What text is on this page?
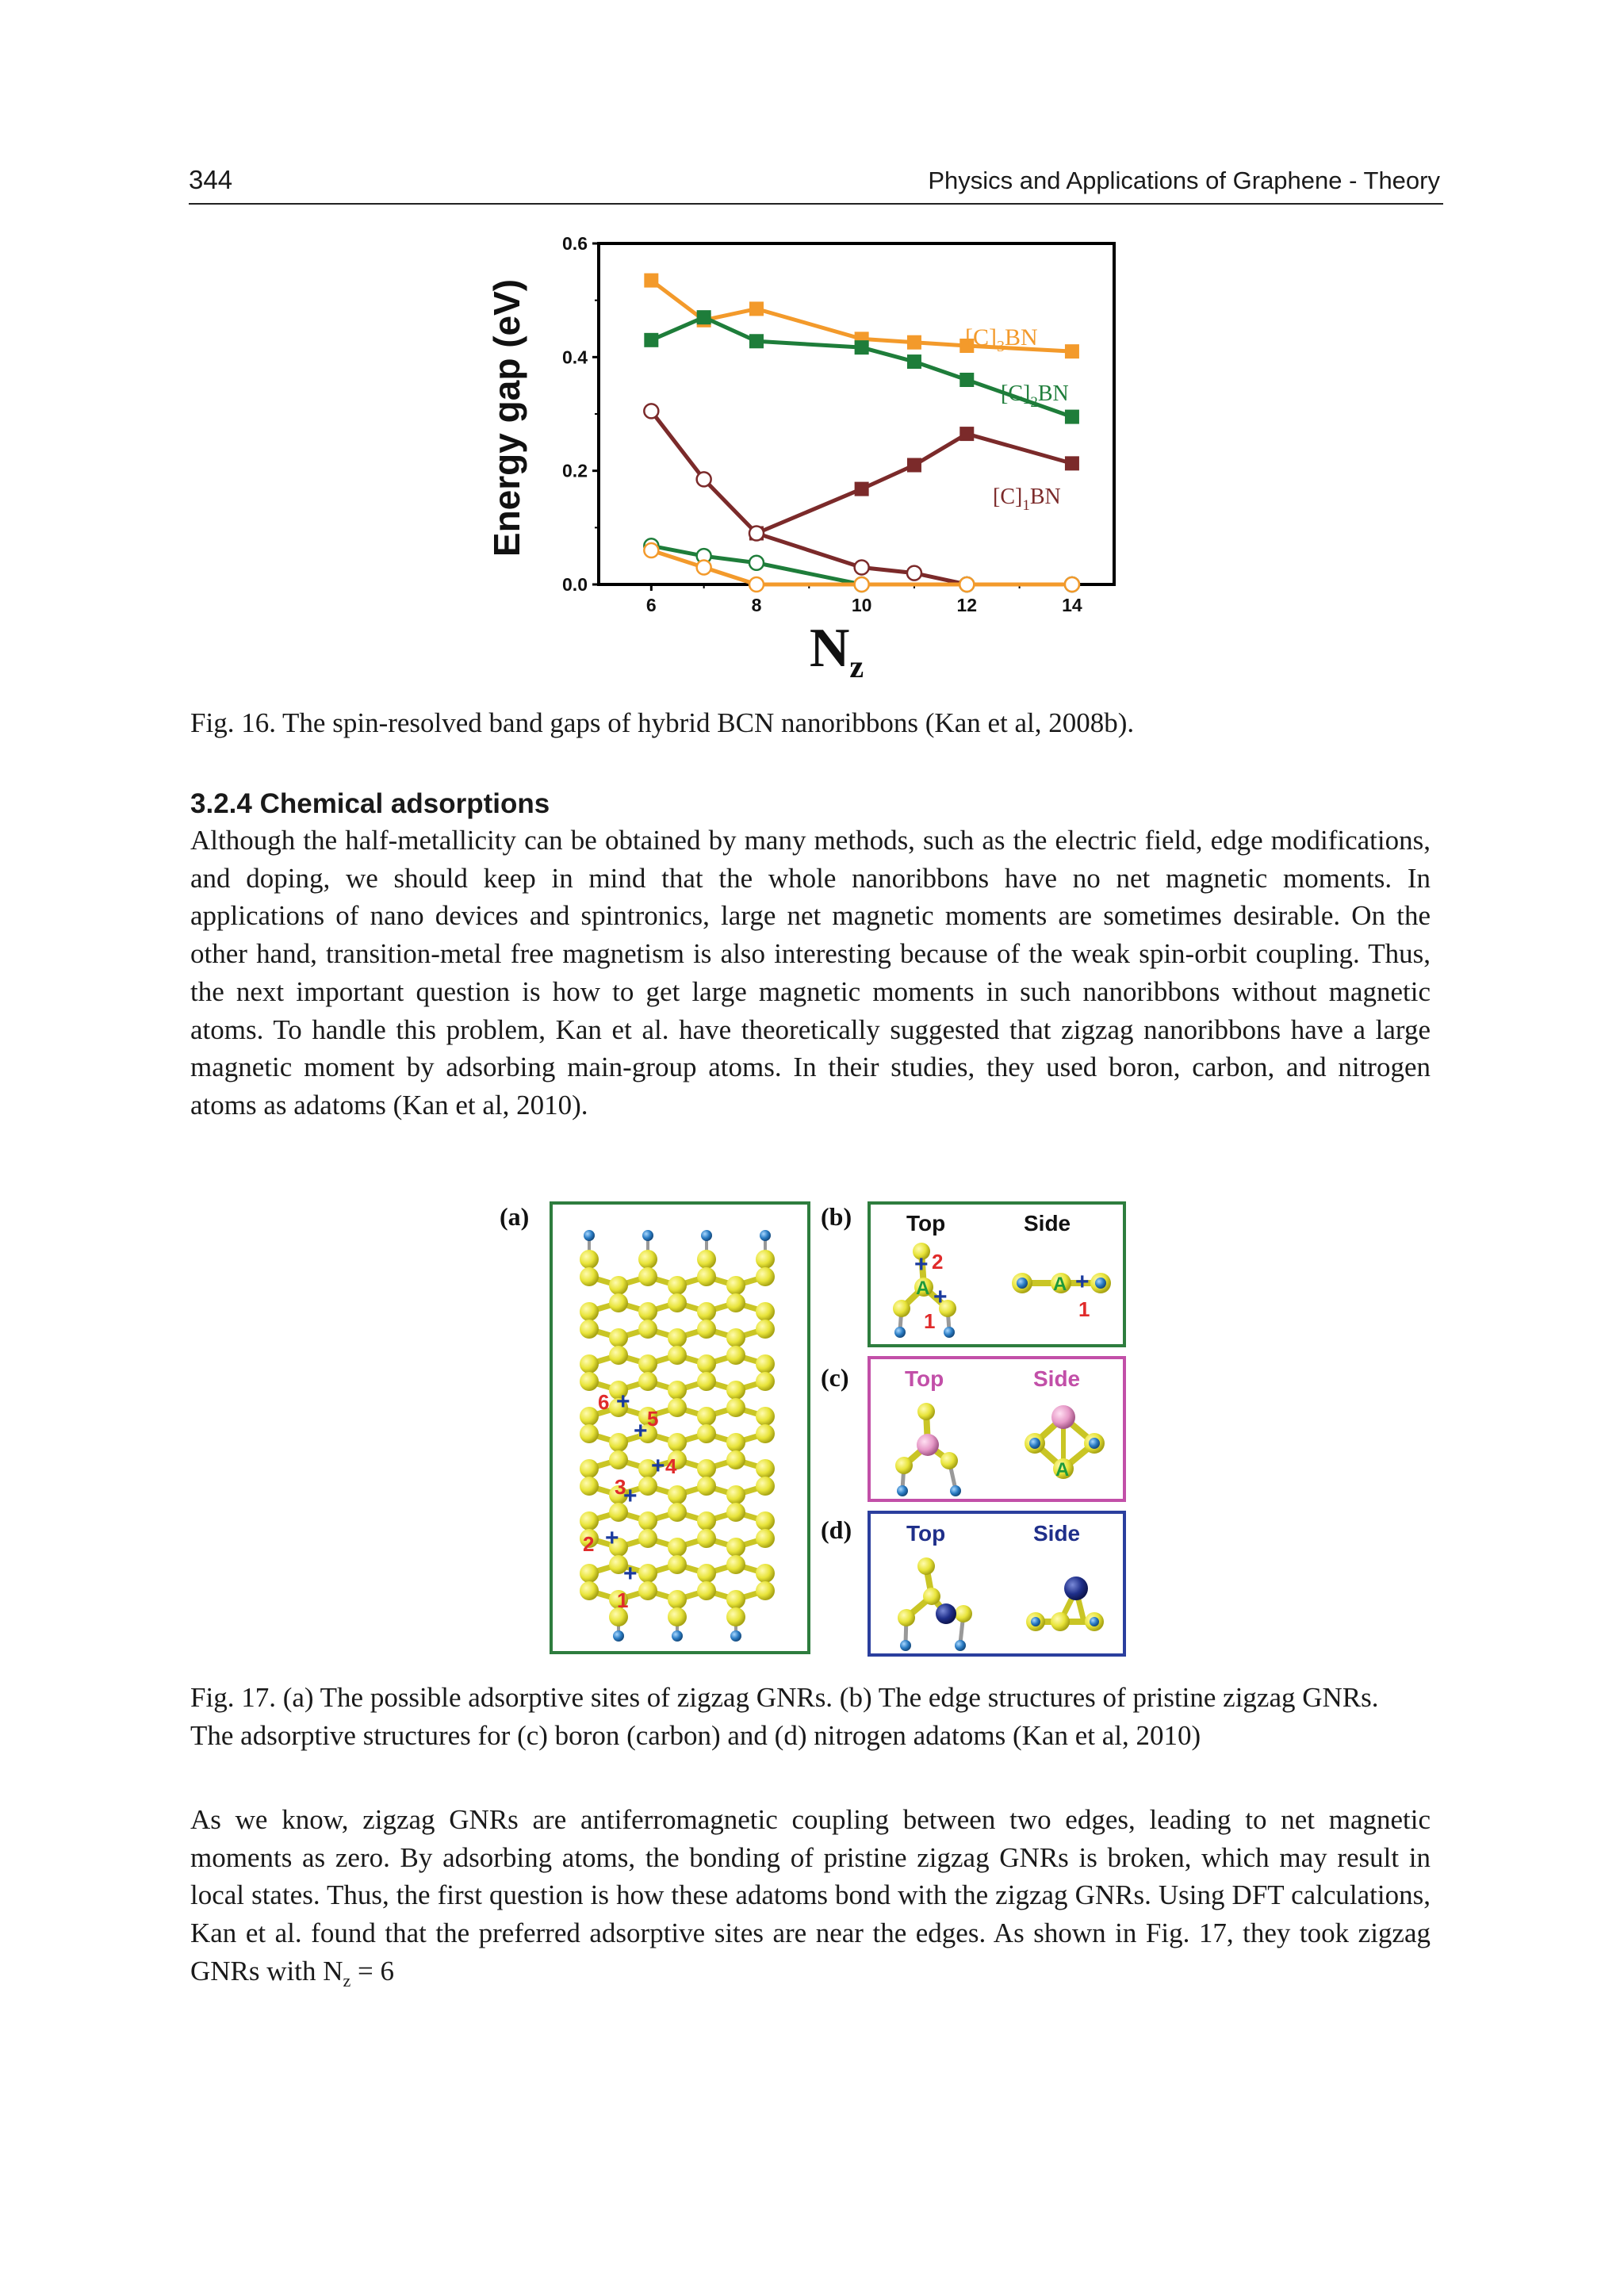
344	Physics and Applications of Graphene - Theory
0.0
0.2
0.4
0.6
6	8	10	12	14
Energy gap (eV)
$N_z$
$[C]_3BN$
$[C]_2BN$
$[C]_1BN$
Fig. 16. The spin-resolved band gaps of hybrid BCN nanoribbons (Kan et al, 2008b).
3.2.4 Chemical adsorptions
Although the half-metallicity can be obtained by many methods, such as the electric field, edge modifications, and doping, we should keep in mind that the whole nanoribbons have no net magnetic moments. In applications of nano devices and spintronics, large net magnetic moments are sometimes desirable. On the other hand, transition-metal free magnetism is also interesting because of the weak spin-orbit coupling. Thus, the next important question is how to get large magnetic moments in such nanoribbons without magnetic atoms. To handle this problem, Kan et al. have theoretically suggested that zigzag nanoribbons have a large magnetic moment by adsorbing main-group atoms. In their studies, they used boron, carbon, and nitrogen atoms as adatoms (Kan et al, 2010).
(a)	(b)
(c)
(d)
+
1
+
2
+
3
+ 4
+ 5
+
6
Top	Side
A
+ 2
+
1
A +
1
Top	Side
A
Top	Side
Fig. 17. (a) The possible adsorptive sites of zigzag GNRs. (b) The edge structures of pristine zigzag GNRs. The adsorptive structures for (c) boron (carbon) and (d) nitrogen adatoms (Kan et al, 2010)
As we know, zigzag GNRs are antiferromagnetic coupling between two edges, leading to net magnetic moments as zero. By adsorbing atoms, the bonding of pristine zigzag GNRs is broken, which may result in local states. Thus, the first question is how these adatoms bond with the zigzag GNRs. Using DFT calculations, Kan et al. found that the preferred adsorptive sites are near the edges. As shown in Fig. 17, they took zigzag GNRs with $N_z = 6$
